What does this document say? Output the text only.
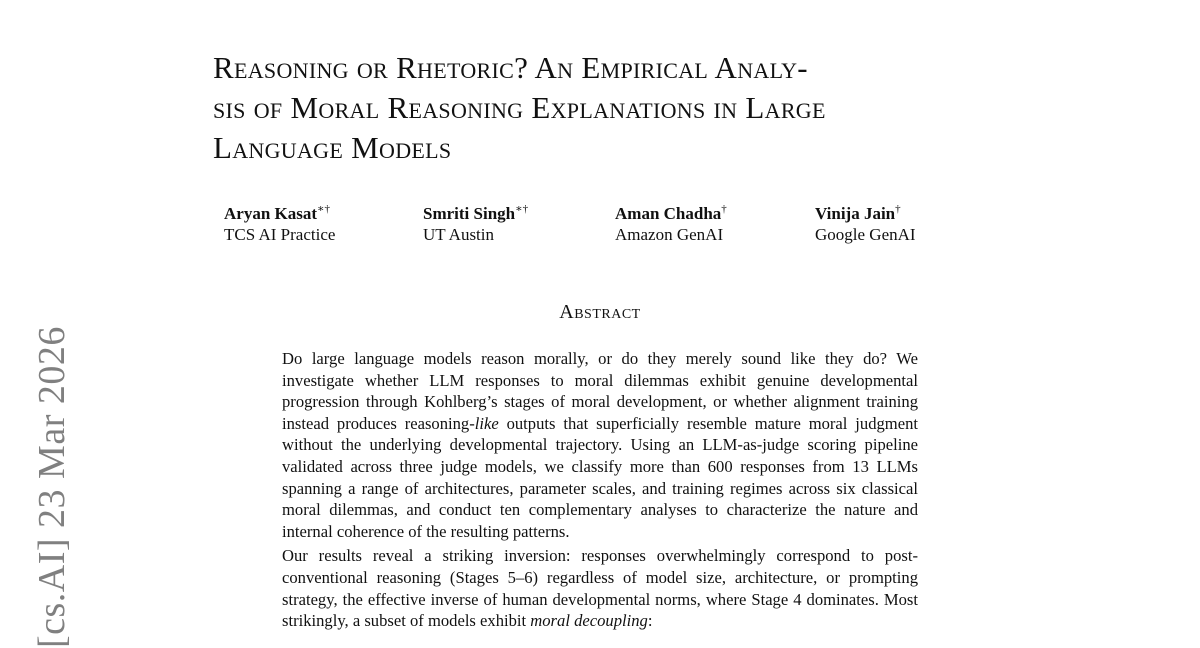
[cs.AI] 23 Mar 2026
Reasoning or Rhetoric? An Empirical Analy-
sis of Moral Reasoning Explanations in Large
Language Models
Aryan Kasat∗†
TCS AI Practice
Smriti Singh∗†
UT Austin
Aman Chadha†
Amazon GenAI
Vinija Jain†
Google GenAI
Abstract

Do large language models reason morally, or do they merely sound like they do? We investigate whether LLM responses to moral dilemmas exhibit genuine developmental progression through Kohlberg’s stages of moral development, or whether alignment training instead produces reasoning-like outputs that superficially resemble mature moral judgment without the underlying developmental trajectory. Using an LLM-as-judge scoring pipeline validated across three judge models, we classify more than 600 responses from 13 LLMs spanning a range of architectures, parameter scales, and training regimes across six classical moral dilemmas, and conduct ten complementary analyses to characterize the nature and internal coherence of the resulting patterns.

Our results reveal a striking inversion: responses overwhelmingly correspond to post-conventional reasoning (Stages 5–6) regardless of model size, architecture, or prompting strategy, the effective inverse of human developmental norms, where Stage 4 dominates. Most strikingly, a subset of models exhibit moral decoupling:
